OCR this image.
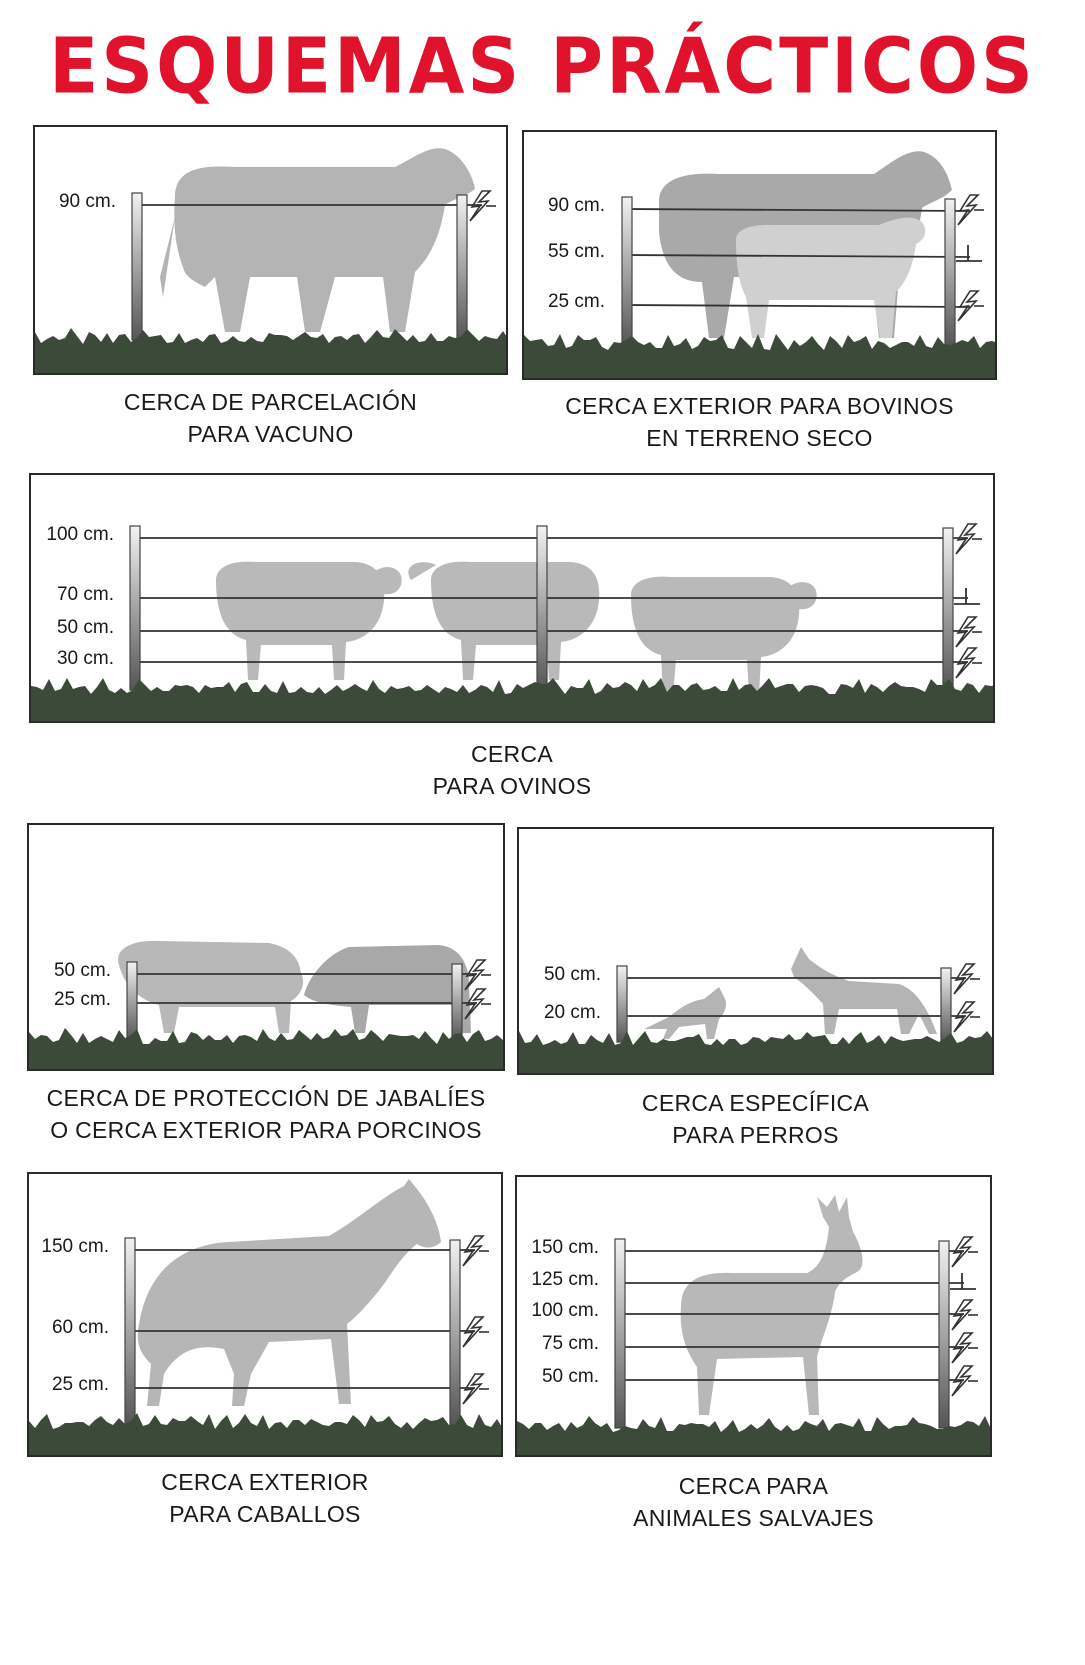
ESQUEMAS PRÁCTICOS
90 cm.
CERCA DE PARCELACIÓN
PARA VACUNO
90 cm.
55 cm.
25 cm.
CERCA EXTERIOR PARA BOVINOS
EN TERRENO SECO
100 cm.
70 cm.
50 cm.
30 cm.
CERCA
PARA OVINOS
50 cm.
25 cm.
CERCA DE PROTECCIÓN DE JABALÍES
O CERCA EXTERIOR PARA PORCINOS
50 cm.
20 cm.
CERCA ESPECÍFICA
PARA PERROS
150 cm.
60 cm.
25 cm.
CERCA EXTERIOR
PARA CABALLOS
150 cm.
125 cm.
100 cm.
75 cm.
50 cm.
CERCA PARA
ANIMALES SALVAJES
